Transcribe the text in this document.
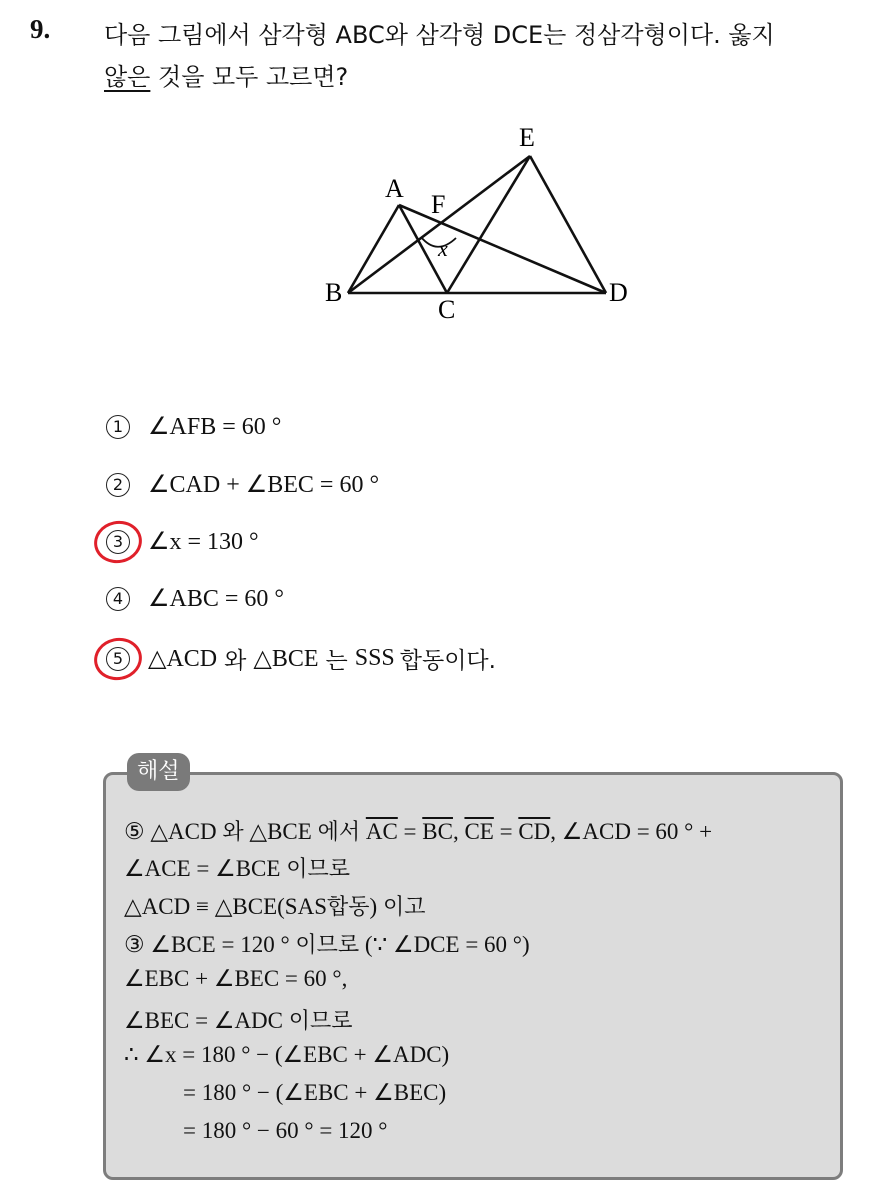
9. 다음 그림에서 삼각형 ABC와 삼각형 DCE는 정삼각형이다. 옳지
않은 것을 모두 고르면?
A
F
E
B
C
D
x
1 ∠AFB = 60 °
2 ∠CAD + ∠BEC = 60 °
3 ∠x = 130 °
4 ∠ABC = 60 °
5 △ACD 와 △BCE 는 SSS 합동이다.
해설
⑤ △ACD 와 △BCE 에서 $\overline{AC} = \overline{BC}$, $\overline{CE} = \overline{CD}$, ∠ACD = 60 ° +
∠ACE = ∠BCE 이므로
△ACD ≡ △BCE(SAS합동) 이고
③ ∠BCE = 120 ° 이므로 (∵ ∠DCE = 60 °)
∠EBC + ∠BEC = 60 °,
∠BEC = ∠ADC 이므로
∴ ∠x = 180 ° − (∠EBC + ∠ADC)
= 180 ° − (∠EBC + ∠BEC)
= 180 ° − 60 ° = 120 °
